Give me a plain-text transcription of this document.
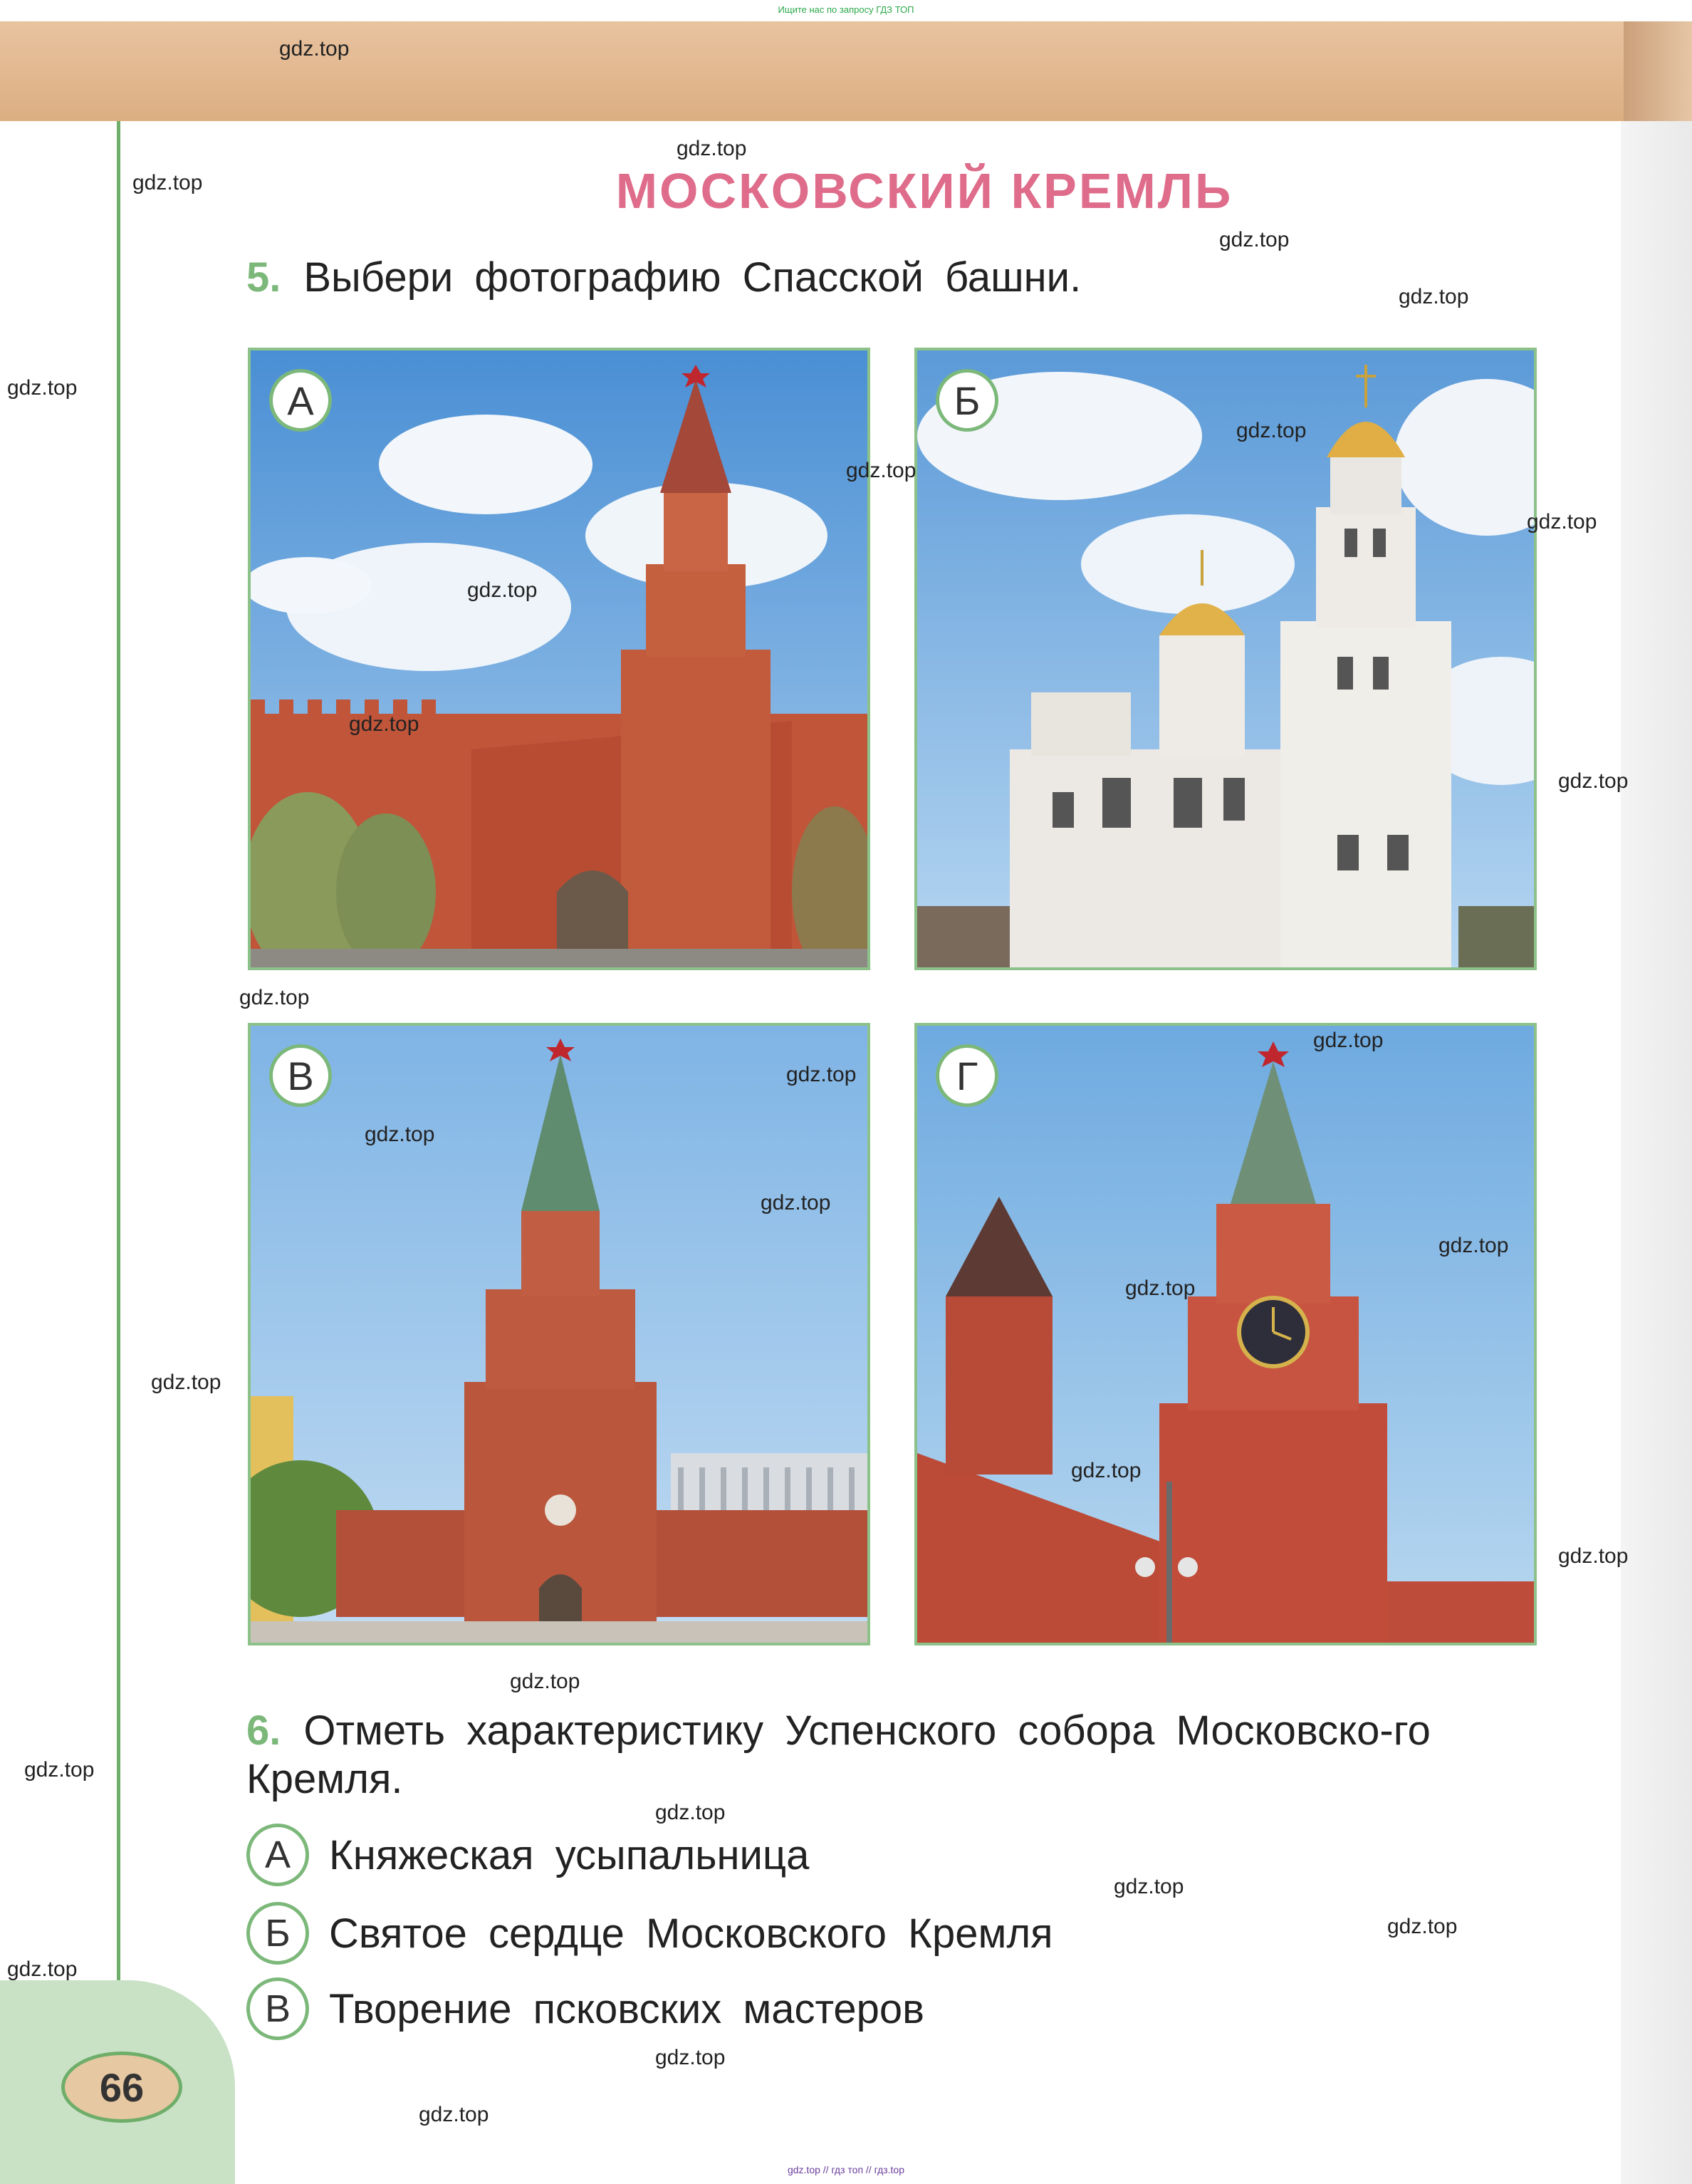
Ищите нас по запросу ГДЗ ТОП
66
МОСКОВСКИЙ КРЕМЛЬ
5. Выбери фотографию Спасской башни.
А	Б
В	Г
6. Отметь характеристику Успенского собора Московско-го Кремля.
А Княжеская усыпальница
Б Святое сердце Московского Кремля
В Творение псковских мастеров
gdz.top
gdz.top
gdz.top
gdz.top
gdz.top
gdz.top
gdz.top
gdz.top
gdz.top
gdz.top
gdz.top
gdz.top
gdz.top
gdz.top
gdz.top
gdz.top
gdz.top
gdz.top
gdz.top
gdz.top
gdz.top
gdz.top
gdz.top
gdz.top
gdz.top
gdz.top
gdz.top
gdz.top
gdz.top
gdz.top
gdz.top // гдз топ // гдз.top
